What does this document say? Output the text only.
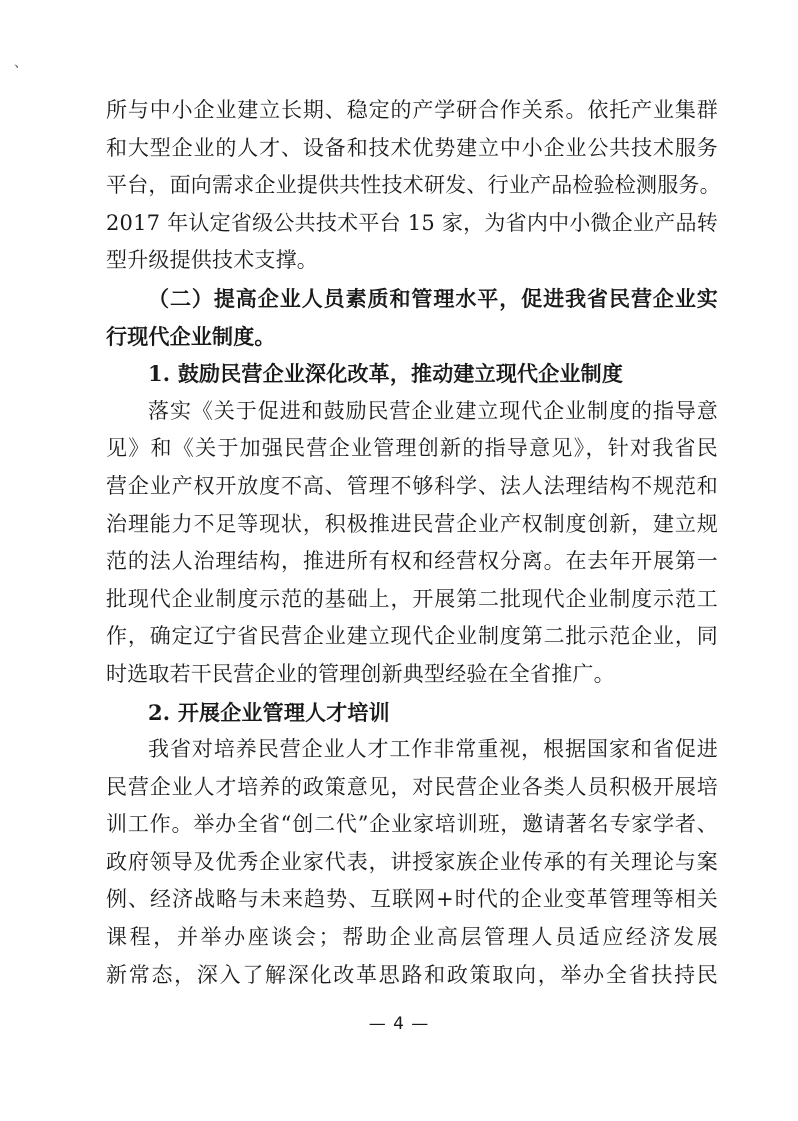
、
所与中小企业建立长期、稳定的产学研合作关系。依托产业集群
和大型企业的人才、设备和技术优势建立中小企业公共技术服务
平台，面向需求企业提供共性技术研发、行业产品检验检测服务。
2017 年认定省级公共技术平台 15 家，为省内中小微企业产品转
型升级提供技术支撑。
（二）提高企业人员素质和管理水平，促进我省民营企业实
行现代企业制度。
1. 鼓励民营企业深化改革，推动建立现代企业制度
落实《关于促进和鼓励民营企业建立现代企业制度的指导意
见》和《关于加强民营企业管理创新的指导意见》，针对我省民
营企业产权开放度不高、管理不够科学、法人法理结构不规范和
治理能力不足等现状，积极推进民营企业产权制度创新，建立规
范的法人治理结构，推进所有权和经营权分离。在去年开展第一
批现代企业制度示范的基础上，开展第二批现代企业制度示范工
作，确定辽宁省民营企业建立现代企业制度第二批示范企业，同
时选取若干民营企业的管理创新典型经验在全省推广。
2. 开展企业管理人才培训
我省对培养民营企业人才工作非常重视，根据国家和省促进
民营企业人才培养的政策意见，对民营企业各类人员积极开展培
训工作。举办全省“创二代”企业家培训班，邀请著名专家学者、
政府领导及优秀企业家代表，讲授家族企业传承的有关理论与案
例、经济战略与未来趋势、互联网+时代的企业变革管理等相关
课程，并举办座谈会；帮助企业高层管理人员适应经济发展
新常态，深入了解深化改革思路和政策取向，举办全省扶持民
— 4 —
